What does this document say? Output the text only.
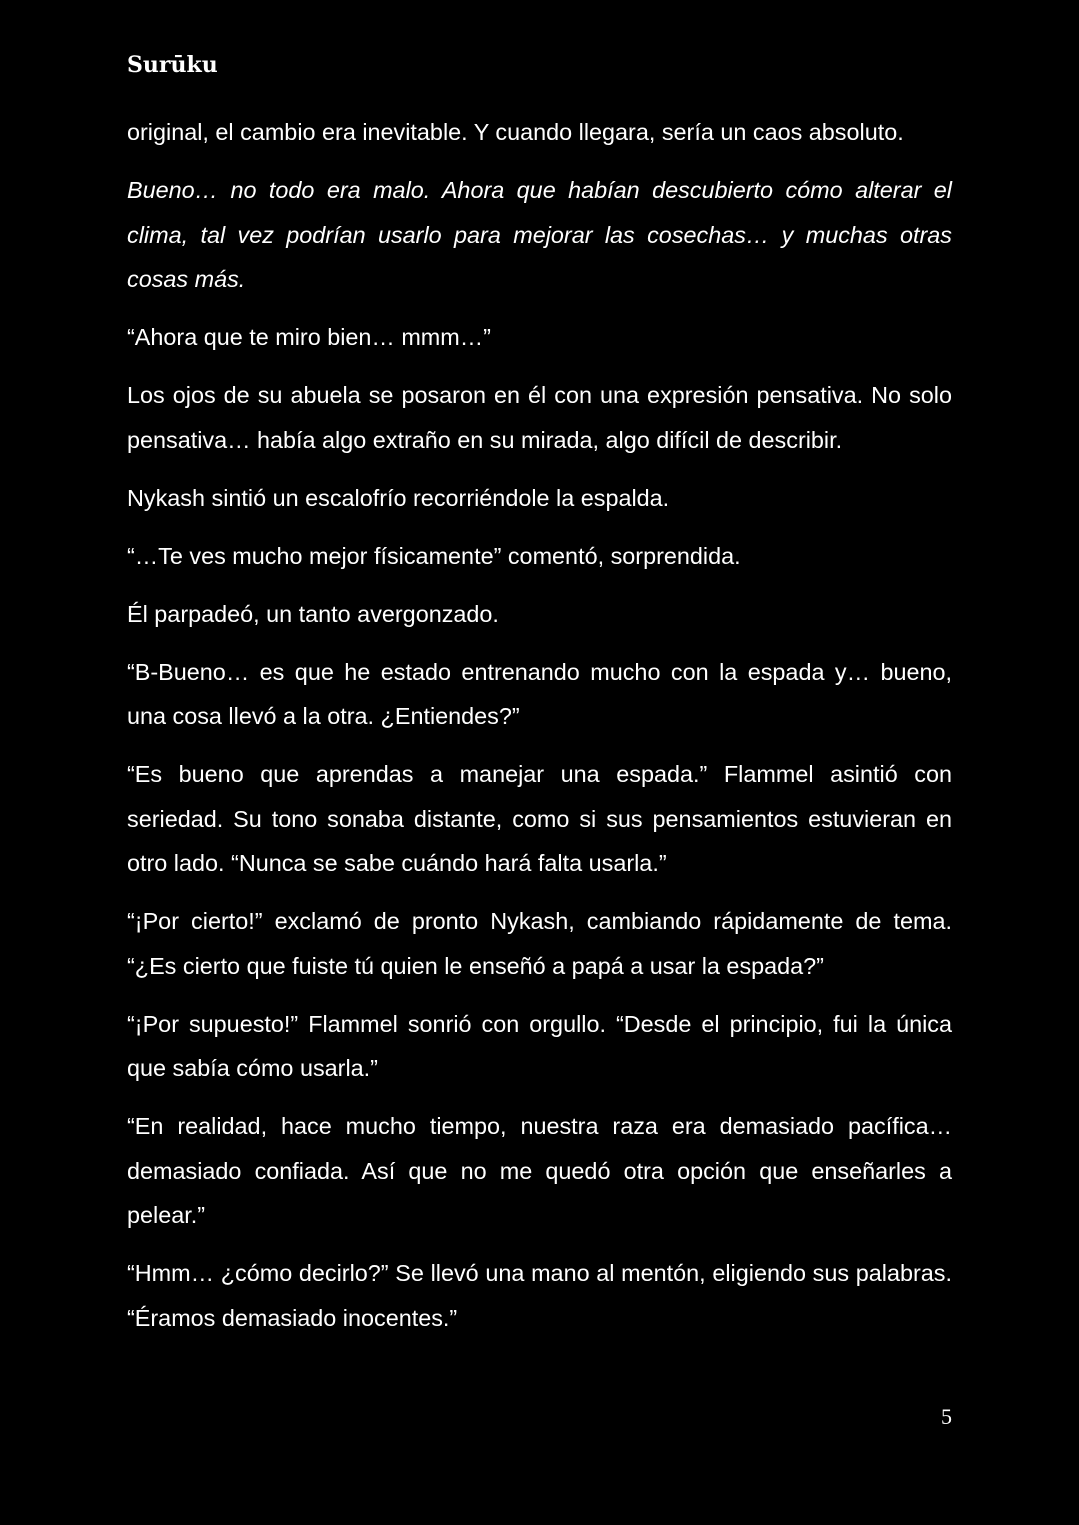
Surūku

original, el cambio era inevitable. Y cuando llegara, sería un caos absoluto.

Bueno… no todo era malo. Ahora que habían descubierto cómo alterar el clima, tal vez podrían usarlo para mejorar las cosechas… y muchas otras cosas más.

“Ahora que te miro bien… mmm…”

Los ojos de su abuela se posaron en él con una expresión pensativa. No solo pensativa… había algo extraño en su mirada, algo difícil de describir.

Nykash sintió un escalofrío recorriéndole la espalda.

“…Te ves mucho mejor físicamente” comentó, sorprendida.

Él parpadeó, un tanto avergonzado.

“B-Bueno… es que he estado entrenando mucho con la espada y… bueno, una cosa llevó a la otra. ¿Entiendes?”

“Es bueno que aprendas a manejar una espada.” Flammel asintió con seriedad. Su tono sonaba distante, como si sus pensamientos estuvieran en otro lado. “Nunca se sabe cuándo hará falta usarla.”

“¡Por cierto!” exclamó de pronto Nykash, cambiando rápidamente de tema. “¿Es cierto que fuiste tú quien le enseñó a papá a usar la espada?”

“¡Por supuesto!” Flammel sonrió con orgullo. “Desde el principio, fui la única que sabía cómo usarla.”

“En realidad, hace mucho tiempo, nuestra raza era demasiado pacífica… demasiado confiada. Así que no me quedó otra opción que enseñarles a pelear.”

“Hmm… ¿cómo decirlo?” Se llevó una mano al mentón, eligiendo sus palabras. “Éramos demasiado inocentes.”

5
